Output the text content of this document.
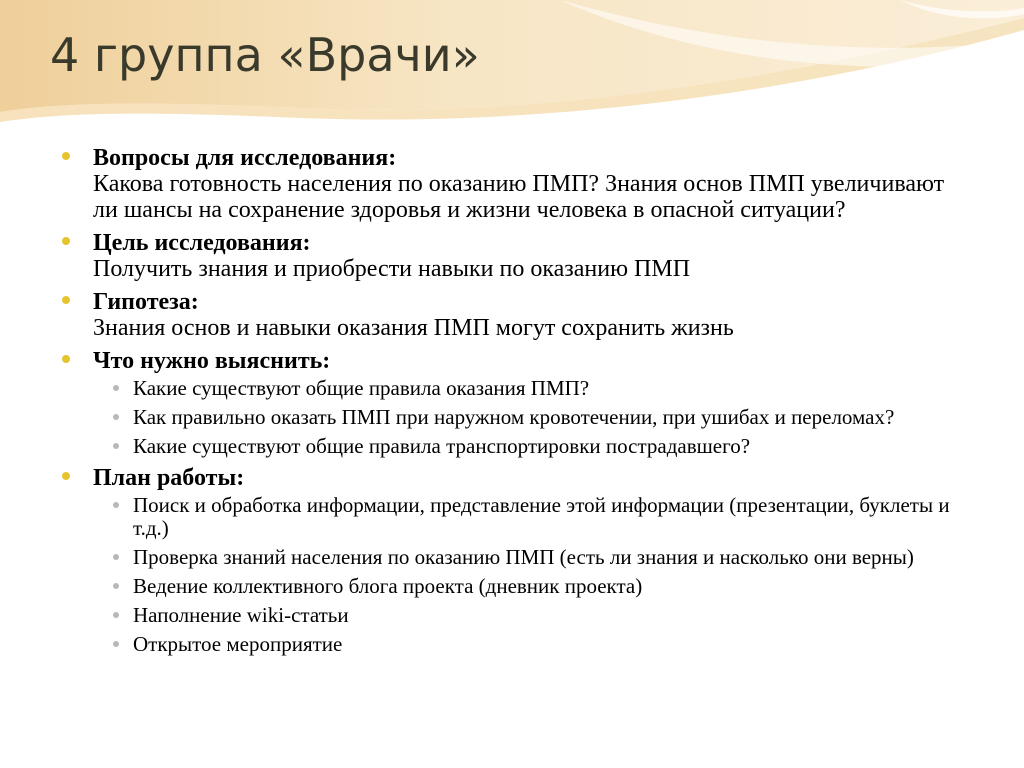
4 группа «Врачи»
Вопросы для исследования:
Какова готовность населения по оказанию ПМП? Знания основ ПМП увеличивают ли шансы на сохранение здоровья и жизни человека в опасной ситуации?
Цель исследования:
Получить знания и приобрести навыки по оказанию ПМП
Гипотеза:
Знания основ и навыки оказания ПМП могут сохранить жизнь
Что нужно выяснить:
Какие существуют общие правила оказания ПМП?
Как правильно оказать ПМП при наружном кровотечении, при ушибах и переломах?
Какие существуют общие правила транспортировки пострадавшего?
План работы:
Поиск и обработка информации, представление этой информации (презентации, буклеты и т.д.)
Проверка знаний населения по оказанию ПМП (есть ли знания и насколько они верны)
Ведение коллективного блога проекта (дневник проекта)
Наполнение wiki-статьи
Открытое мероприятие
